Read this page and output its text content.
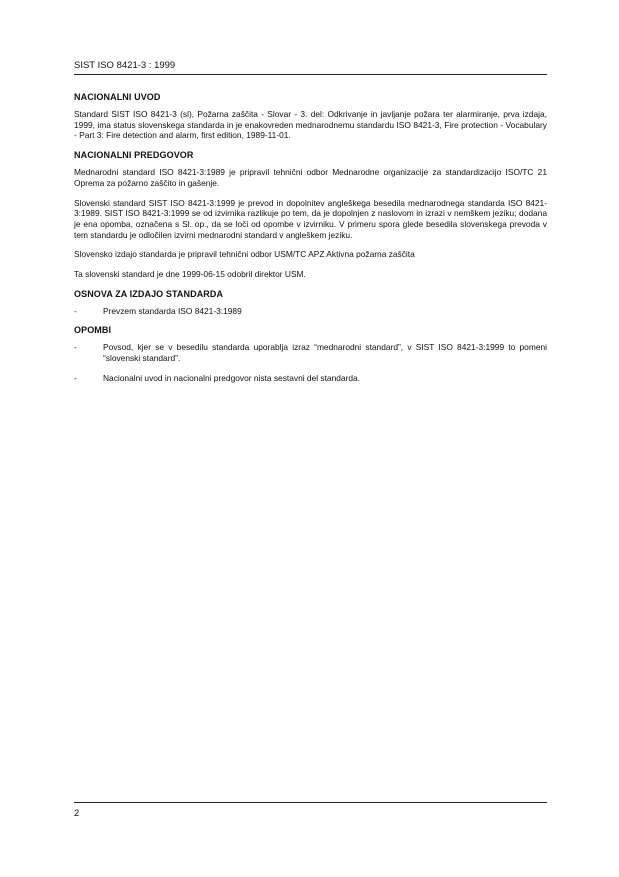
SIST ISO 8421-3 : 1999
NACIONALNI UVOD

Standard SIST ISO 8421-3 (sl), Požarna zaščita - Slovar - 3. del: Odkrivanje in javljanje požara ter alarmiranje, prva izdaja, 1999, ima status slovenskega standarda in je enakovreden mednarodnemu standardu ISO 8421-3, Fire protection - Vocabulary - Part 3: Fire detection and alarm, first edition, 1989-11-01.

NACIONALNI PREDGOVOR

Mednarodni standard ISO 8421-3:1989 je pripravil tehnični odbor Mednarodne organizacije za standardizacijo ISO/TC 21 Oprema za požarno zaščito in gašenje.

Slovenski standard SIST ISO 8421-3:1999 je prevod in dopolnitev angleškega besedila mednarodnega standarda ISO 8421-3:1989. SIST ISO 8421-3:1999 se od izvirnika razlikuje po tem, da je dopolnjen z naslovom in izrazi v nemškem jeziku; dodana je ena opomba, označena s Sl. op., da se loči od opombe v izvirniku. V primeru spora glede besedila slovenskega prevoda v tem standardu je odločilen izvirni mednarodni standard v angleškem jeziku.

Slovensko izdajo standarda je pripravil tehnični odbor USM/TC APZ Aktivna požarna zaščita

Ta slovenski standard je dne 1999-06-15 odobril direktor USM.

OSNOVA ZA IZDAJO STANDARDA
-	Prevzem standarda ISO 8421-3:1989
OPOMBI
-	Povsod, kjer se v besedilu standarda uporablja izraz “mednarodni standard”, v SIST ISO 8421-3:1999 to pomeni “slovenski standard”.
-	Nacionalni uvod in nacionalni predgovor nista sestavni del standarda.
2
